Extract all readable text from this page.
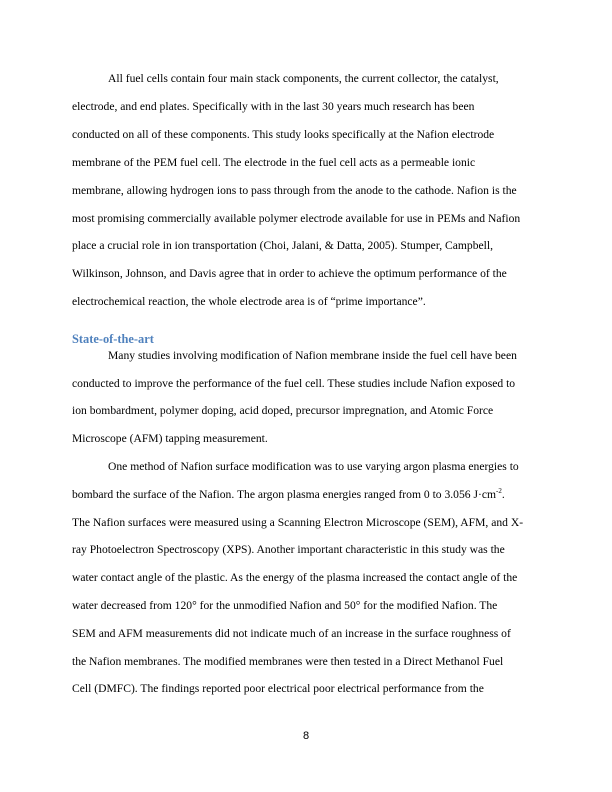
All fuel cells contain four main stack components, the current collector, the catalyst,
electrode, and end plates. Specifically with in the last 30 years much research has been
conducted on all of these components. This study looks specifically at the Nafion electrode
membrane of the PEM fuel cell. The electrode in the fuel cell acts as a permeable ionic
membrane, allowing hydrogen ions to pass through from the anode to the cathode. Nafion is the
most promising commercially available polymer electrode available for use in PEMs and Nafion
place a crucial role in ion transportation (Choi, Jalani, & Datta, 2005). Stumper, Campbell,
Wilkinson, Johnson, and Davis agree that in order to achieve the optimum performance of the
electrochemical reaction, the whole electrode area is of “prime importance”.
State-of-the-art
Many studies involving modification of Nafion membrane inside the fuel cell have been
conducted to improve the performance of the fuel cell. These studies include Nafion exposed to
ion bombardment, polymer doping, acid doped, precursor impregnation, and Atomic Force
Microscope (AFM) tapping measurement.
One method of Nafion surface modification was to use varying argon plasma energies to
bombard the surface of the Nafion. The argon plasma energies ranged from 0 to 3.056 $J\cdot cm^{-2}$.
The Nafion surfaces were measured using a Scanning Electron Microscope (SEM), AFM, and X-
ray Photoelectron Spectroscopy (XPS). Another important characteristic in this study was the
water contact angle of the plastic. As the energy of the plasma increased the contact angle of the
water decreased from 120° for the unmodified Nafion and 50° for the modified Nafion. The
SEM and AFM measurements did not indicate much of an increase in the surface roughness of
the Nafion membranes. The modified membranes were then tested in a Direct Methanol Fuel
Cell (DMFC). The findings reported poor electrical poor electrical performance from the
8
